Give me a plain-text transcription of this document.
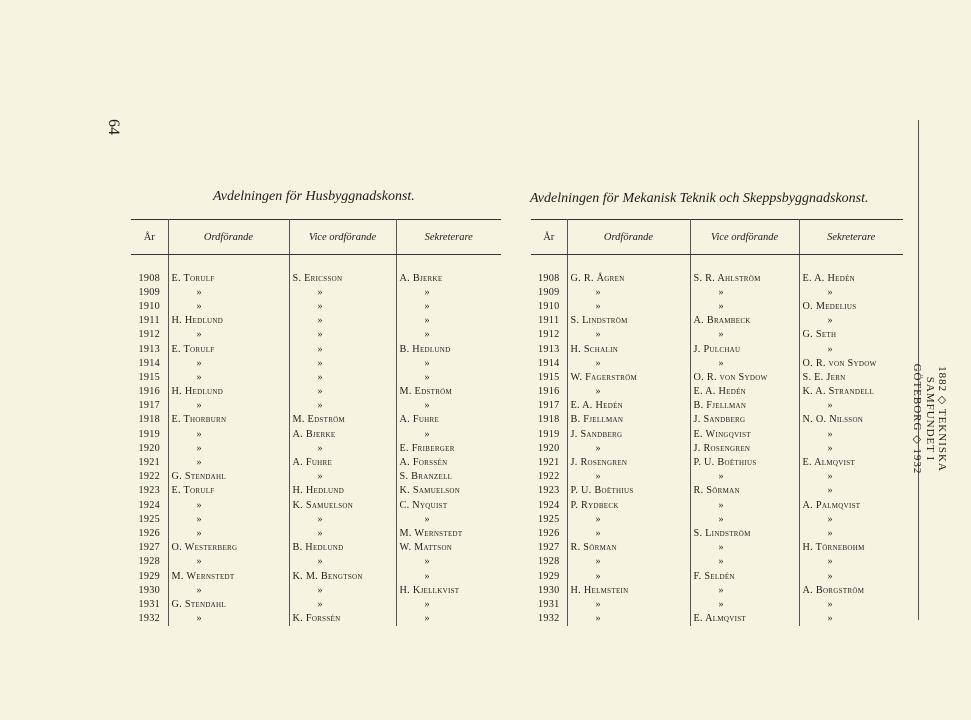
64
1882 ◇ TEKNISKA SAMFUNDET I GÖTEBORG ◇ 1932
Avdelningen för Husbyggnadskonst.	Avdelningen för Mekanisk Teknik och Skeppsbyggnadskonst.
År	Ordförande	Vice ordförande	Sekreterare

1908	E. Torulf	S. Ericsson	A. Bjerke
1909	»	»	»
1910	»	»	»
1911	H. Hedlund	»	»
1912	»	»	»
1913	E. Torulf	»	B. Hedlund
1914	»	»	»
1915	»	»	»
1916	H. Hedlund	»	M. Edström
1917	»	»	»
1918	E. Thorburn	M. Edström	A. Fuhre
1919	»	A. Bjerke	»
1920	»	»	E. Friberger
1921	»	A. Fuhre	A. Forssén
1922	G. Stendahl	»	S. Branzell
1923	E. Torulf	H. Hedlund	K. Samuelson
1924	»	K. Samuelson	C. Nyquist
1925	»	»	»
1926	»	»	M. Wernstedt
1927	O. Westerberg	B. Hedlund	W. Mattson
1928	»	»	»
1929	M. Wernstedt	K. M. Bengtson	»
1930	»	»	H. Kjellkvist
1931	G. Stendahl	»	»
1932	»	K. Forssén	»
År	Ordförande	Vice ordförande	Sekreterare

1908	G. R. Ågren	S. R. Ahlström	E. A. Hedén
1909	»	»	»
1910	»	»	O. Medelius
1911	S. Lindström	A. Brambeck	»
1912	»	»	G. Seth
1913	H. Schalin	J. Pulchau	»
1914	»	»	O. R. von Sydow
1915	W. Fagerström	O. R. von Sydow	S. E. Jern
1916	»	E. A. Hedén	K. A. Strandell
1917	E. A. Hedén	B. Fjellman	»
1918	B. Fjellman	J. Sandberg	N. O. Nilsson
1919	J. Sandberg	E. Wingqvist	»
1920	»	J. Rosengren	»
1921	J. Rosengren	P. U. Boëthius	E. Almqvist
1922	»	»	»
1923	P. U. Boëthius	R. Sörman	»
1924	P. Rydbeck	»	A. Palmqvist
1925	»	»	»
1926	»	S. Lindström	»
1927	R. Sörman	»	H. Törnebohm
1928	»	»	»
1929	»	F. Seldén	»
1930	H. Helmstein	»	A. Borgström
1931	»	»	»
1932	»	E. Almqvist	»
